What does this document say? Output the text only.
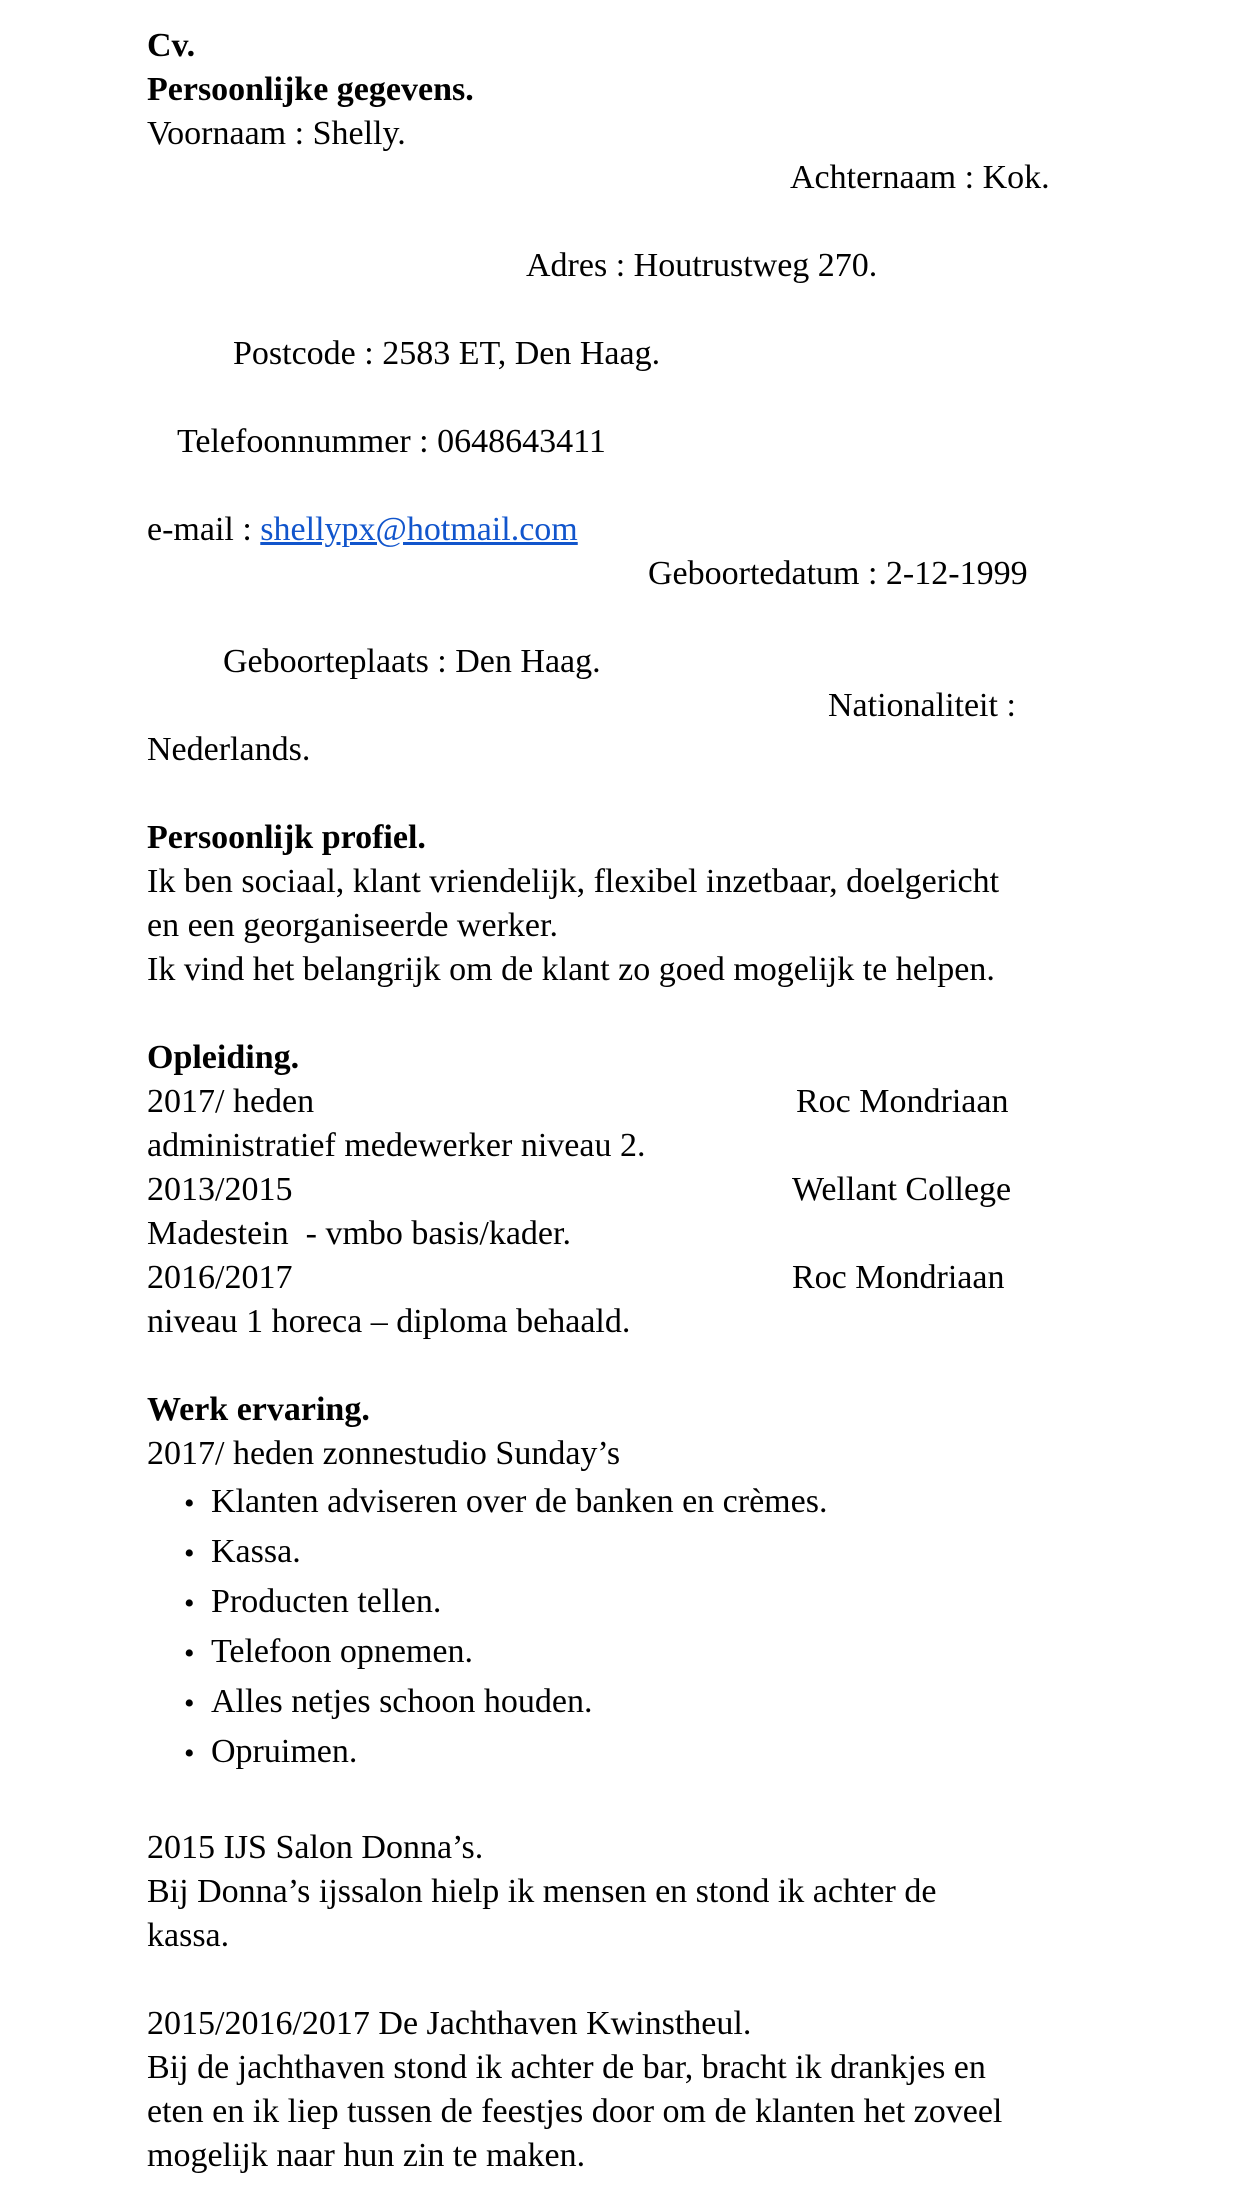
Cv.
Persoonlijke gegevens.
Voornaam : Shelly.
Achternaam : Kok.
Adres : Houtrustweg 270.
Postcode : 2583 ET, Den Haag.
Telefoonnummer : 0648643411
e-mail : shellypx@hotmail.com
Geboortedatum : 2-12-1999
Geboorteplaats : Den Haag.
Nationaliteit :
Nederlands.
Persoonlijk profiel.
Ik ben sociaal, klant vriendelijk, flexibel inzetbaar, doelgericht
en een georganiseerde werker.
Ik vind het belangrijk om de klant zo goed mogelijk te helpen.
Opleiding.
2017/ heden	Roc Mondriaan
administratief medewerker niveau 2.
2013/2015	Wellant College
Madestein  - vmbo basis/kader.
2016/2017	Roc Mondriaan
niveau 1 horeca – diploma behaald.
Werk ervaring.
2017/ heden zonnestudio Sunday’s
• Klanten adviseren over de banken en crèmes.
• Kassa.
• Producten tellen.
• Telefoon opnemen.
• Alles netjes schoon houden.
• Opruimen.
2015 IJS Salon Donna’s.
Bij Donna’s ijssalon hielp ik mensen en stond ik achter de
kassa.
2015/2016/2017 De Jachthaven Kwinstheul.
Bij de jachthaven stond ik achter de bar, bracht ik drankjes en
eten en ik liep tussen de feestjes door om de klanten het zoveel
mogelijk naar hun zin te maken.
